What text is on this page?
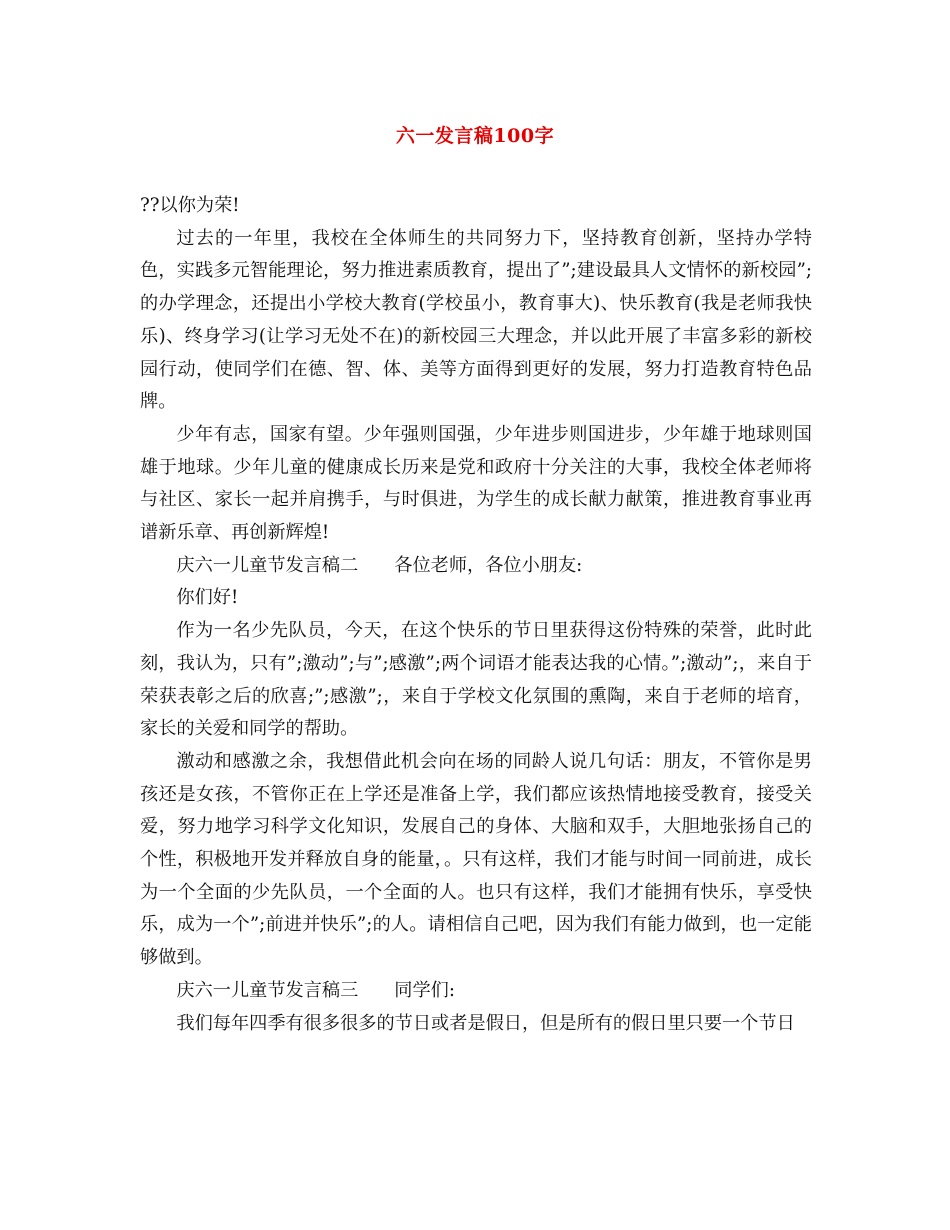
六一发言稿100字

??以你为荣!

过去的一年里，我校在全体师生的共同努力下，坚持教育创新，坚持办学特色，实践多元智能理论，努力推进素质教育，提出了”;建设最具人文情怀的新校园”;的办学理念，还提出小学校大教育(学校虽小，教育事大)、快乐教育(我是老师我快乐)、终身学习(让学习无处不在)的新校园三大理念，并以此开展了丰富多彩的新校园行动，使同学们在德、智、体、美等方面得到更好的发展，努力打造教育特色品牌。

少年有志，国家有望。少年强则国强，少年进步则国进步，少年雄于地球则国雄于地球。少年儿童的健康成长历来是党和政府十分关注的大事，我校全体老师将与社区、家长一起并肩携手，与时俱进，为学生的成长献力献策，推进教育事业再谱新乐章、再创新辉煌!

庆六一儿童节发言稿二 各位老师，各位小朋友:

你们好!

作为一名少先队员，今天，在这个快乐的节日里获得这份特殊的荣誉，此时此刻，我认为，只有”;激动”;与”;感激”;两个词语才能表达我的心情。”;激动”;，来自于荣获表彰之后的欣喜;”;感激”;，来自于学校文化氛围的熏陶，来自于老师的培育，家长的关爱和同学的帮助。

激动和感激之余，我想借此机会向在场的同龄人说几句话：朋友，不管你是男孩还是女孩，不管你正在上学还是准备上学，我们都应该热情地接受教育，接受关爱，努力地学习科学文化知识，发展自己的身体、大脑和双手，大胆地张扬自己的个性，积极地开发并释放自身的能量，。只有这样，我们才能与时间一同前进，成长为一个全面的少先队员，一个全面的人。也只有这样，我们才能拥有快乐，享受快乐，成为一个”;前进并快乐”;的人。请相信自己吧，因为我们有能力做到，也一定能够做到。

庆六一儿童节发言稿三 同学们:

我们每年四季有很多很多的节日或者是假日，但是所有的假日里只要一个节日
